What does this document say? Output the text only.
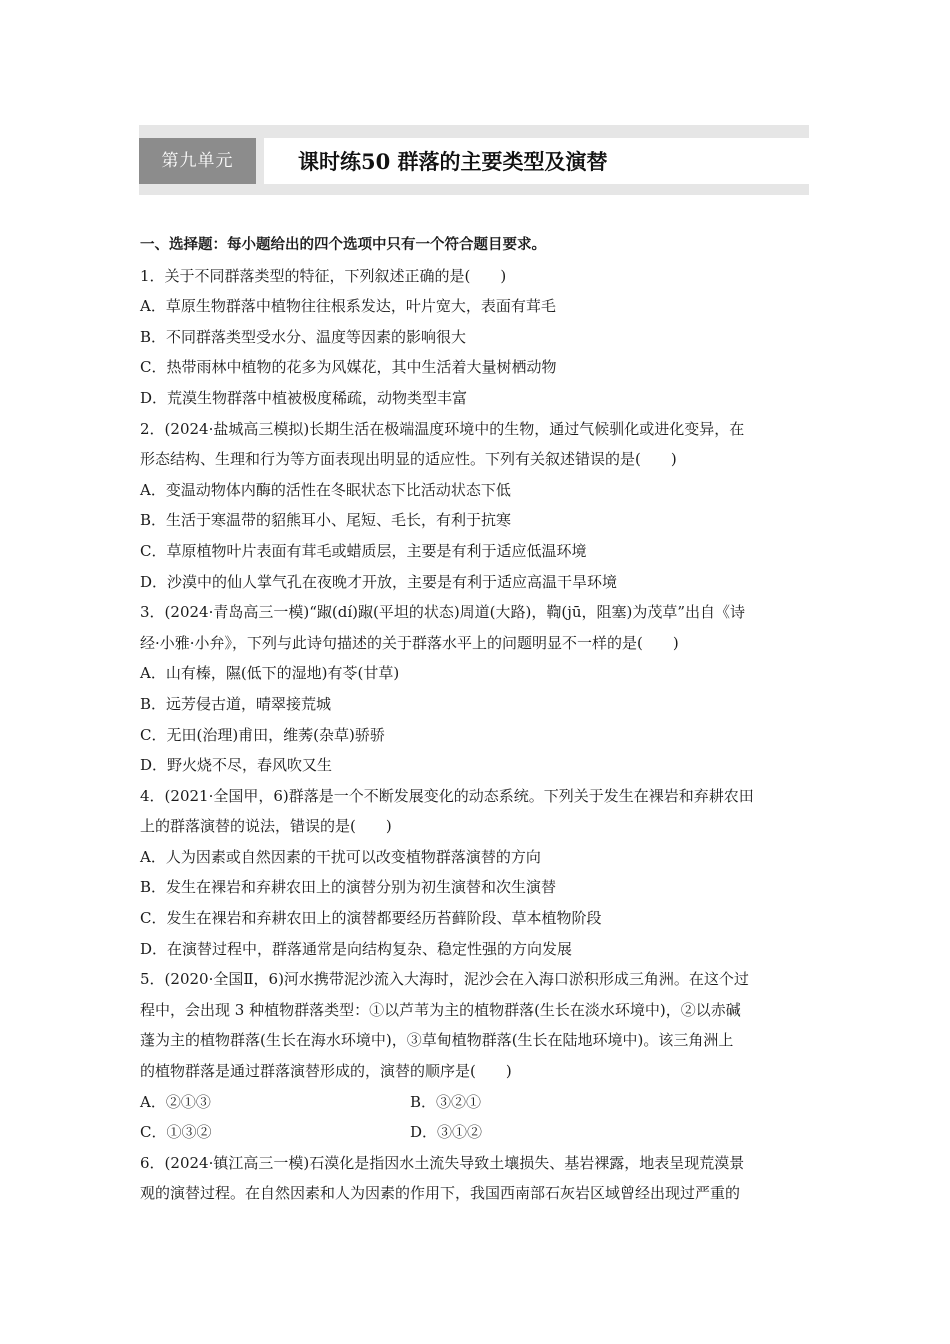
第九单元	课时练50 群落的主要类型及演替
一、选择题：每小题给出的四个选项中只有一个符合题目要求。
1．关于不同群落类型的特征，下列叙述正确的是(　　)
A．草原生物群落中植物往往根系发达，叶片宽大，表面有茸毛
B．不同群落类型受水分、温度等因素的影响很大
C．热带雨林中植物的花多为风媒花，其中生活着大量树栖动物
D．荒漠生物群落中植被极度稀疏，动物类型丰富
2．(2024·盐城高三模拟)长期生活在极端温度环境中的生物，通过气候驯化或进化变异，在
形态结构、生理和行为等方面表现出明显的适应性。下列有关叙述错误的是(　　)
A．变温动物体内酶的活性在冬眠状态下比活动状态下低
B．生活于寒温带的貂熊耳小、尾短、毛长，有利于抗寒
C．草原植物叶片表面有茸毛或蜡质层，主要是有利于适应低温环境
D．沙漠中的仙人掌气孔在夜晚才开放，主要是有利于适应高温干旱环境
3．(2024·青岛高三一模)“踧(dí)踧(平坦的状态)周道(大路)，鞫(jū，阻塞)为茂草”出自《诗
经·小雅·小弁》，下列与此诗句描述的关于群落水平上的问题明显不一样的是(　　)
A．山有榛，隰(低下的湿地)有苓(甘草)
B．远芳侵古道，晴翠接荒城
C．无田(治理)甫田，维莠(杂草)骄骄
D．野火烧不尽，春风吹又生
4．(2021·全国甲，6)群落是一个不断发展变化的动态系统。下列关于发生在裸岩和弃耕农田
上的群落演替的说法，错误的是(　　)
A．人为因素或自然因素的干扰可以改变植物群落演替的方向
B．发生在裸岩和弃耕农田上的演替分别为初生演替和次生演替
C．发生在裸岩和弃耕农田上的演替都要经历苔藓阶段、草本植物阶段
D．在演替过程中，群落通常是向结构复杂、稳定性强的方向发展
5．(2020·全国Ⅱ，6)河水携带泥沙流入大海时，泥沙会在入海口淤积形成三角洲。在这个过
程中，会出现 3 种植物群落类型：①以芦苇为主的植物群落(生长在淡水环境中)，②以赤碱
蓬为主的植物群落(生长在海水环境中)，③草甸植物群落(生长在陆地环境中)。该三角洲上
的植物群落是通过群落演替形成的，演替的顺序是(　　)
A．②①③	B．③②①
C．①③②	D．③①②
6．(2024·镇江高三一模)石漠化是指因水土流失导致土壤损失、基岩裸露，地表呈现荒漠景
观的演替过程。在自然因素和人为因素的作用下，我国西南部石灰岩区域曾经出现过严重的
